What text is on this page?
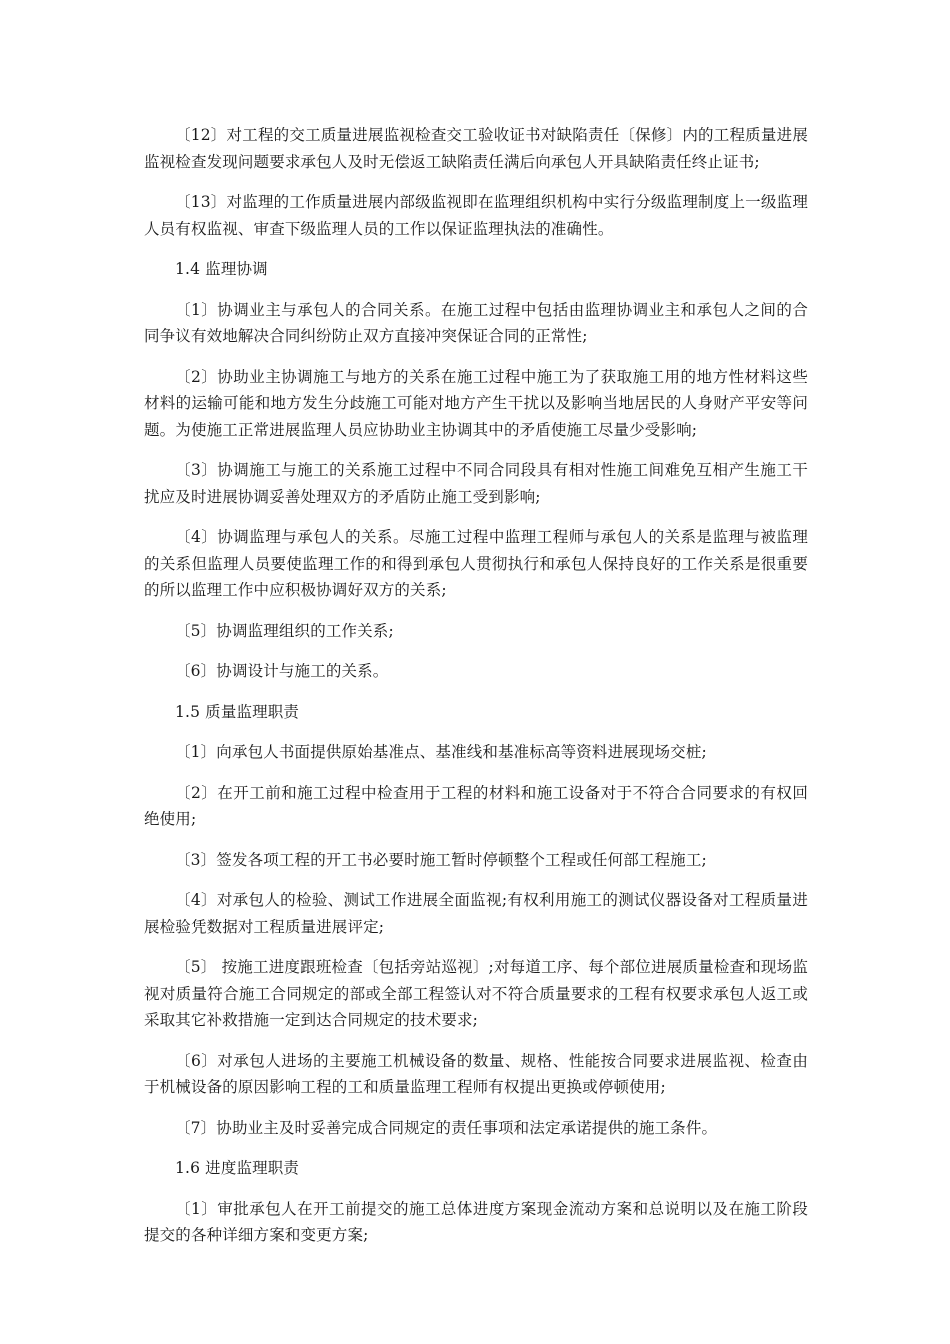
〔12〕对工程的交工质量进展监视检查交工验收证书对缺陷责任〔保修〕内的工程质量进展监视检查发现问题要求承包人及时无偿返工缺陷责任满后向承包人开具缺陷责任终止证书;

〔13〕对监理的工作质量进展内部级监视即在监理组织机构中实行分级监理制度上一级监理人员有权监视、审查下级监理人员的工作以保证监理执法的准确性。

1.4 监理协调

〔1〕协调业主与承包人的合同关系。在施工过程中包括由监理协调业主和承包人之间的合同争议有效地解决合同纠纷防止双方直接冲突保证合同的正常性;

〔2〕协助业主协调施工与地方的关系在施工过程中施工为了获取施工用的地方性材料这些材料的运输可能和地方发生分歧施工可能对地方产生干扰以及影响当地居民的人身财产平安等问题。为使施工正常进展监理人员应协助业主协调其中的矛盾使施工尽量少受影响;

〔3〕协调施工与施工的关系施工过程中不同合同段具有相对性施工间难免互相产生施工干扰应及时进展协调妥善处理双方的矛盾防止施工受到影响;

〔4〕协调监理与承包人的关系。尽施工过程中监理工程师与承包人的关系是监理与被监理的关系但监理人员要使监理工作的和得到承包人贯彻执行和承包人保持良好的工作关系是很重要的所以监理工作中应积极协调好双方的关系;

〔5〕协调监理组织的工作关系;

〔6〕协调设计与施工的关系。

1.5 质量监理职责

〔1〕向承包人书面提供原始基准点、基准线和基准标高等资料进展现场交桩;

〔2〕在开工前和施工过程中检查用于工程的材料和施工设备对于不符合合同要求的有权回绝使用;

〔3〕签发各项工程的开工书必要时施工暂时停顿整个工程或任何部工程施工;

〔4〕对承包人的检验、测试工作进展全面监视;有权利用施工的测试仪器设备对工程质量进展检验凭数据对工程质量进展评定;

〔5〕 按施工进度跟班检查〔包括旁站巡视〕;对每道工序、每个部位进展质量检查和现场监视对质量符合施工合同规定的部或全部工程签认对不符合质量要求的工程有权要求承包人返工或采取其它补救措施一定到达合同规定的技术要求;

〔6〕对承包人进场的主要施工机械设备的数量、规格、性能按合同要求进展监视、检查由于机械设备的原因影响工程的工和质量监理工程师有权提出更换或停顿使用;

〔7〕协助业主及时妥善完成合同规定的责任事项和法定承诺提供的施工条件。

1.6 进度监理职责

〔1〕审批承包人在开工前提交的施工总体进度方案现金流动方案和总说明以及在施工阶段提交的各种详细方案和变更方案;
